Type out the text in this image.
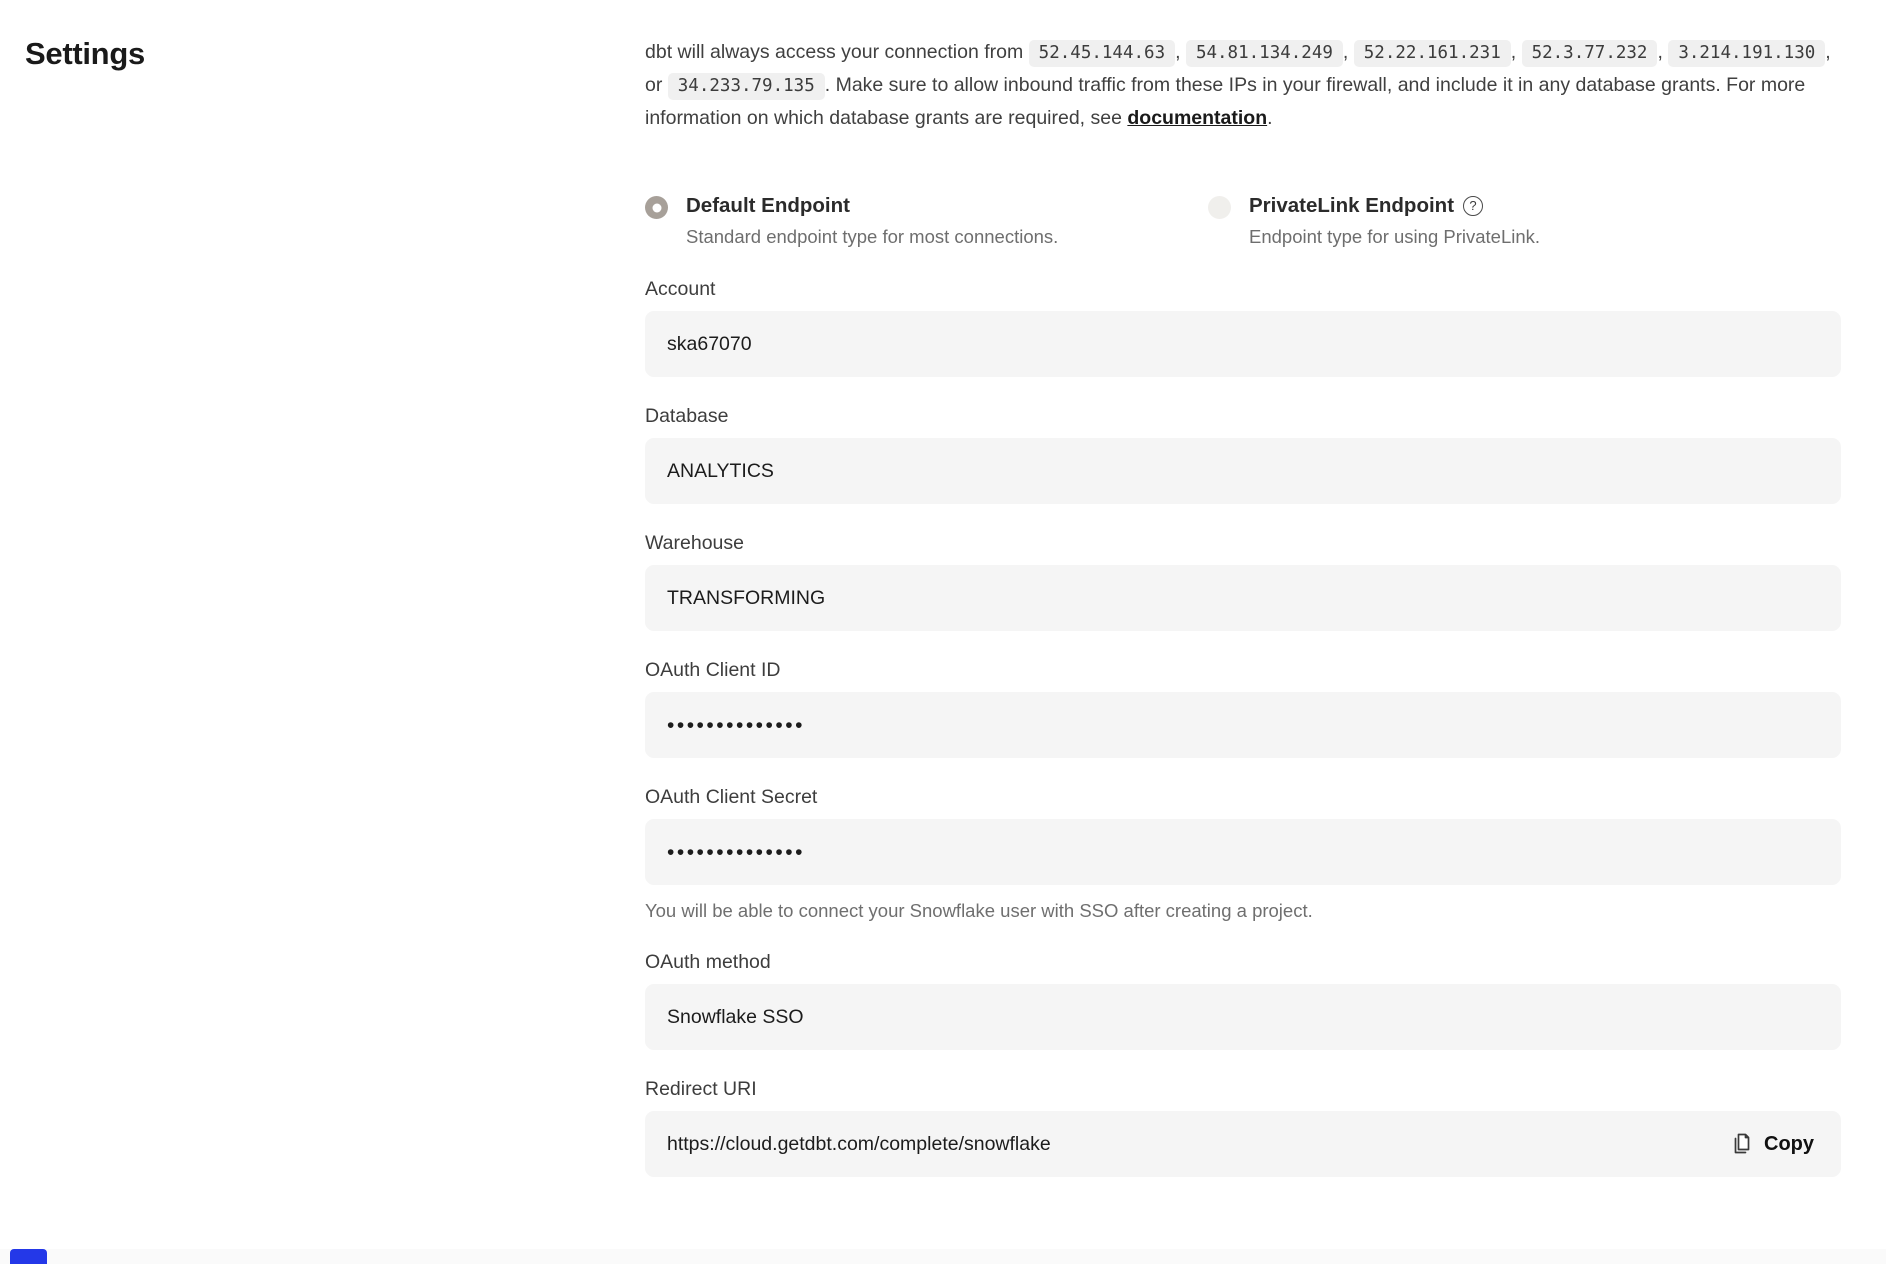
Settings	dbt will always access your connection from 52.45.144.63 , 54.81.134.249 , 52.22.161.231 , 52.3.77.232 , 3.214.191.130 , or 34.233.79.135 . Make sure to allow inbound traffic from these IPs in your firewall, and include it in any database grants. For more information on which database grants are required, see documentation.

Default Endpoint
Standard endpoint type for most connections.
PrivateLink Endpoint	?
Endpoint type for using PrivateLink.
Account
ska67070
Database
ANALYTICS
Warehouse
TRANSFORMING
OAuth Client ID
••••••••••••••
OAuth Client Secret
••••••••••••••
You will be able to connect your Snowflake user with SSO after creating a project.
OAuth method
Snowflake SSO
Redirect URI
https://cloud.getdbt.com/complete/snowflake
Copy
